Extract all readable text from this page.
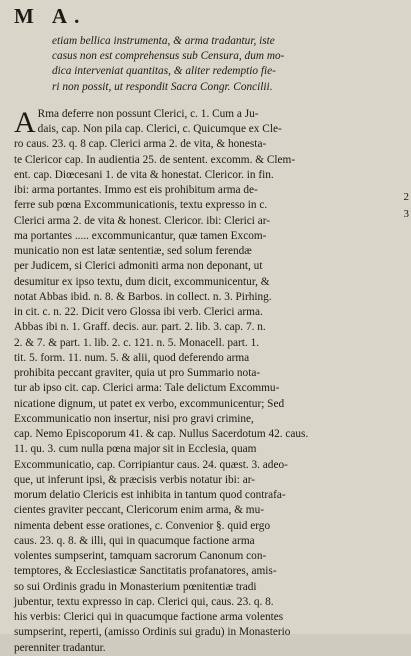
M A.
etiam bellica instrumenta, & arma tradantur, iste
casus non est comprehensus sub Censura, dum mo-
dica interveniat quantitas, & aliter redemptio fie-
ri non possit, ut respondit Sacra Congr. Concilii.
A Rma deferre non possunt Clerici, c. 1. Cum a Ju-
dais, cap. Non pila cap. Clerici, c. Quicumque ex Cle-
ro caus. 23. q. 8 cap. Clerici arma 2. de vita, & honesta-
te Clericor cap. In audientia 25. de sentent. excomm. & Clem-
ent. cap. Diœcesani 1. de vita & honestat. Clericor. in fin.
ibi: arma portantes. Immo est eis prohibitum arma de-
ferre sub pœna Excommunicationis, textu expresso in c.
Clerici arma 2. de vita & honest. Clericor. ibi: Clerici ar-
ma portantes ..... excommunicantur, quæ tamen Excom-
municatio non est latæ sententiæ, sed solum ferendæ
per Judicem, si Clerici admoniti arma non deponant, ut
desumitur ex ipso textu, dum dicit, excommunicentur, &
notat Abbas ibid. n. 8. & Barbos. in collect. n. 3. Pirhing.
in cit. c. n. 22. Dicit vero Glossa ibi verb. Clerici arma.
Abbas ibi n. 1. Graff. decis. aur. part. 2. lib. 3. cap. 7. n.
2. & 7. & part. 1. lib. 2. c. 121. n. 5. Monacell. part. 1.
tit. 5. form. 11. num. 5. & alii, quod deferendo arma
prohibita peccant graviter, quia ut pro Summario nota-
tur ab ipso cit. cap. Clerici arma: Tale delictum Excommu-
nicatione dignum, ut patet ex verbo, excommunicentur; Sed
Excommunicatio non insertur, nisi pro gravi crimine,
cap. Nemo Episcoporum 41. & cap. Nullus Sacerdotum 42. caus.
11. qu. 3. cum nulla pœna major sit in Ecclesia, quam
Excommunicatio, cap. Corripiantur caus. 24. quæst. 3. adeo-
que, ut inferunt ipsi, & præcisis verbis notatur ibi: ar-
morum delatio Clericis est inhibita in tantum quod contrafa-
cientes graviter peccant, Clericorum enim arma, & mu-
nimenta debent esse orationes, c. Convenior §. quid ergo
caus. 23. q. 8. & illi, qui in quacumque factione arma
volentes sumpserint, tamquam sacrorum Canonum con-
temptores, & Ecclesiasticæ Sanctitatis profanatores, amis-
so sui Ordinis gradu in Monasterium pœnitentiæ tradi
jubentur, textu expresso in cap. Clerici qui, caus. 23. q. 8.
his verbis: Clerici qui in quacumque factione arma volentes
sumpserint, reperti, (amisso Ordinis sui gradu) in Monasterio
perenniter tradantur.
2
3
